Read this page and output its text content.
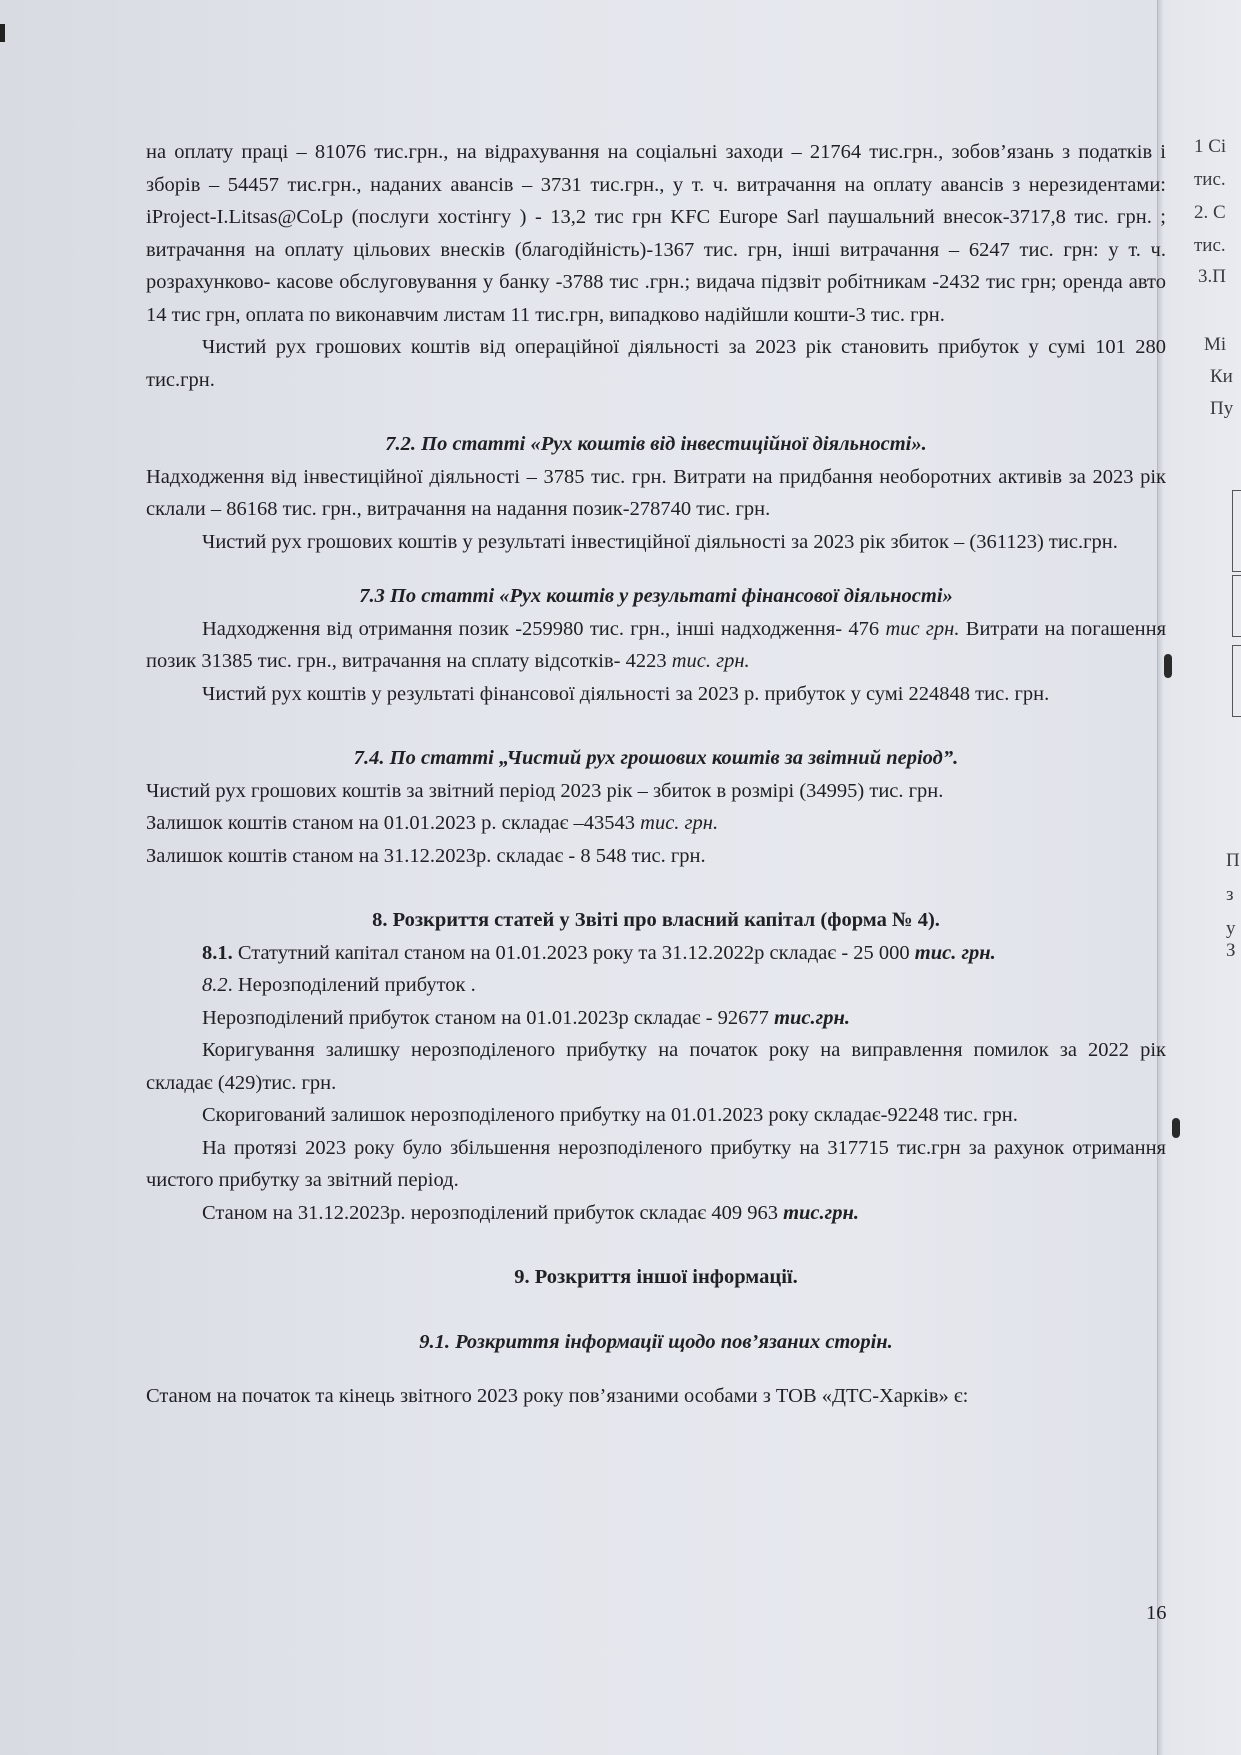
1 Сі
тис.
2. С
тис.
3.П
Мі
Ки
Пу
П
з
у
З

на оплату праці – 81076 тис.грн., на відрахування на соціальні заходи – 21764 тис.грн., зобов’язань з податків і зборів – 54457 тис.грн., наданих авансів – 3731 тис.грн., у т. ч. витрачання на оплату авансів з нерезидентами: iProject-I.Litsas@CoLp (послуги хостінгу ) - 13,2 тис грн KFC Europe Sarl паушальний внесок-3717,8 тис. грн. ; витрачання на оплату цільових внесків (благодійність)-1367 тис. грн, інші витрачання – 6247 тис. грн: у т. ч. розрахунково- касове обслуговування у банку -3788 тис .грн.; видача підзвіт робітникам -2432 тис грн; оренда авто 14 тис грн, оплата по виконавчим листам 11 тис.грн, випадково надійшли кошти-3 тис. грн.

Чистий рух грошових коштів від операційної діяльності за 2023 рік становить прибуток у сумі 101 280 тис.грн.

7.2. По статті «Рух коштів від інвестиційної діяльності».

Надходження від інвестиційної діяльності – 3785 тис. грн. Витрати на придбання необоротних активів за 2023 рік склали – 86168 тис. грн., витрачання на надання позик-278740 тис. грн.

Чистий рух грошових коштів у результаті інвестиційної діяльності за 2023 рік збиток – (361123) тис.грн.

7.3 По статті «Рух коштів у результаті фінансової діяльності»

Надходження від отримання позик -259980 тис. грн., інші надходження- 476 тис грн. Витрати на погашення позик 31385 тис. грн., витрачання на сплату відсотків- 4223 тис. грн.

Чистий рух коштів у результаті фінансової діяльності за 2023 р. прибуток у сумі 224848 тис. грн.

7.4. По статті „Чистий рух грошових коштів за звітний період”.

Чистий рух грошових коштів за звітний період 2023 рік – збиток в розмірі (34995) тис. грн.

Залишок коштів станом на 01.01.2023 р. складає –43543 тис. грн.

Залишок коштів станом на 31.12.2023р. складає - 8 548 тис. грн.

8. Розкриття статей у Звіті про власний капітал (форма № 4).

8.1. Статутний капітал станом на 01.01.2023 року та 31.12.2022р складає - 25 000 тис. грн.

8.2. Нерозподілений прибуток .

Нерозподілений прибуток станом на 01.01.2023р складає - 92677 тис.грн.

Коригування залишку нерозподіленого прибутку на початок року на виправлення помилок за 2022 рік складає (429)тис. грн.

Скоригований залишок нерозподіленого прибутку на 01.01.2023 року складає-92248 тис. грн.

На протязі 2023 року було збільшення нерозподіленого прибутку на 317715 тис.грн за рахунок отримання чистого прибутку за звітний період.

Станом на 31.12.2023р. нерозподілений прибуток складає 409 963 тис.грн.

9. Розкриття іншої інформації.

9.1. Розкриття інформації щодо пов’язаних сторін.

Станом на початок та кінець звітного 2023 року пов’язаними особами з ТОВ «ДТС-Харків» є:

16
